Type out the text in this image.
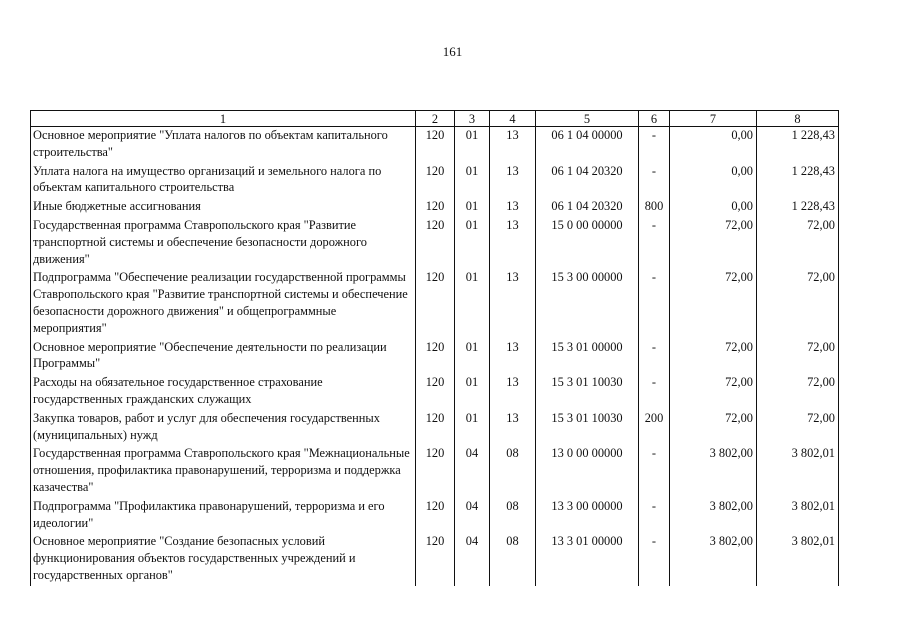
161
1	2	3	4	5	6	7	8
Основное мероприятие "Уплата налогов по объектам капитального строительства"	120	01	13	06 1 04 00000	-	0,00	1 228,43
Уплата налога на имущество организаций и земельного налога по объектам капитального строительства	120	01	13	06 1 04 20320	-	0,00	1 228,43
Иные бюджетные ассигнования	120	01	13	06 1 04 20320	800	0,00	1 228,43
Государственная программа Ставропольского края "Развитие транспортной системы и обеспечение безопасности дорожного движения"	120	01	13	15 0 00 00000	-	72,00	72,00
Подпрограмма "Обеспечение реализации государственной программы Ставропольского края "Развитие транспортной системы и обеспечение безопасности дорожного движения" и общепрограммные мероприятия"	120	01	13	15 3 00 00000	-	72,00	72,00
Основное мероприятие "Обеспечение деятельности по реализации Программы"	120	01	13	15 3 01 00000	-	72,00	72,00
Расходы на обязательное государственное страхование государственных гражданских служащих	120	01	13	15 3 01 10030	-	72,00	72,00
Закупка товаров, работ и услуг для обеспечения государственных (муниципальных) нужд	120	01	13	15 3 01 10030	200	72,00	72,00
Государственная программа Ставропольского края "Межнациональные отношения, профилактика правонарушений, терроризма и поддержка казачества"	120	04	08	13 0 00 00000	-	3 802,00	3 802,01
Подпрограмма "Профилактика правонарушений, терроризма и его идеологии"	120	04	08	13 3 00 00000	-	3 802,00	3 802,01
Основное мероприятие "Создание безопасных условий функционирования объектов государственных учреждений и государственных органов"	120	04	08	13 3 01 00000	-	3 802,00	3 802,01
